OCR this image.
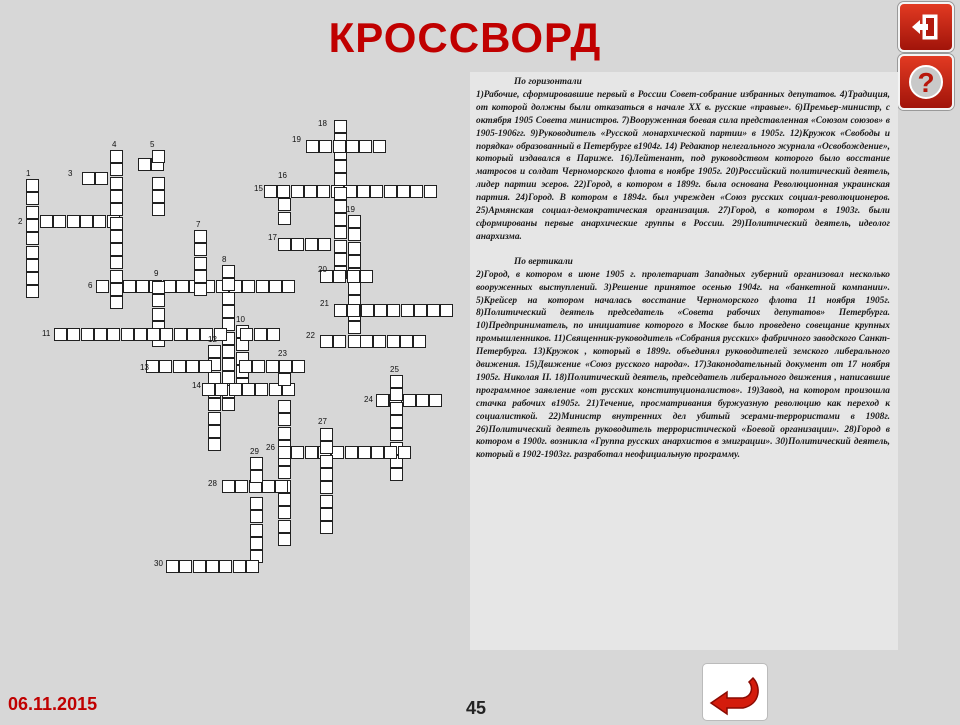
КРОССВОРД
?
1
2
3
4	5
6
7
8
9
10
11
12
13
14
15
16
17
18
19
19
20
21
22
23
24
25
26
27
28
29
30
По горизонтали

1)Рабочие, сформировавшие первый в России Совет-собрание избранных депутатов. 4)Традиция, от которой должны были отказаться в начале XX в. русские «правые». 6)Премьер-министр, с октября 1905 Совета министров. 7)Вооруженная боевая сила представленная «Союзом союзов» в 1905-1906гг. 9)Руководитель «Русской монархической партии» в 1905г. 12)Кружок «Свободы и порядка» образованный в Петербурге в1904г. 14) Редактор нелегального журнала «Освобождение», который издавался в Париже. 16)Лейтенант, под руководством которого было восстание матросов и солдат Черноморского флота в ноябре 1905г. 20)Российский политический деятель, лидер партии эсеров. 22)Город, в котором в 1899г. была основана Революционная украинская партия. 24)Город. В котором в 1894г. был учрежден «Союз русских социал-революционеров. 25)Армянская социал-демократическая организация. 27)Город, в котором в 1903г. были сформированы первые анархические группы в России. 29)Политический деятель, идеолог анархизма.

По вертикали

2)Город, в котором в июне 1905 г. пролетариат Западных губерний организовал несколько вооруженных выступлений. 3)Решение принятое осенью 1904г. на «банкетной компании». 5)Крейсер на котором началась восстание Черноморского флота 11 ноября 1905г. 8)Политический деятель председатель «Совета рабочих депутатов» Петербурга. 10)Предприниматель, по инициативе которого в Москве было проведено совещание крупных промышленников. 11)Священник-руководитель «Собрания русских» фабричного заводского Санкт-Петербурга. 13)Кружок , который в 1899г. объединял руководителей земского либерального движения. 15)Движение «Союз русского народа». 17)Законодательный документ от 17 ноября 1905г. Николая II. 18)Политический деятель, председатель либерального движения , написавшие программное заявление «от русских конституционалистов». 19)Завод, на котором произошла стачка рабочих в1905г. 21)Течение, просматривания буржуазную революцию как переход к социалисткой. 22)Министр внутренних дел убитый эсерами-террористами в 1908г. 26)Политический деятель руководитель террористической «Боевой организации». 28)Город в котором в 1900г. возникла «Группа русских анархистов в эмиграции». 30)Политический деятель, который в 1902-1903гг. разработал неофициальную программу.

06.11.2015	45
